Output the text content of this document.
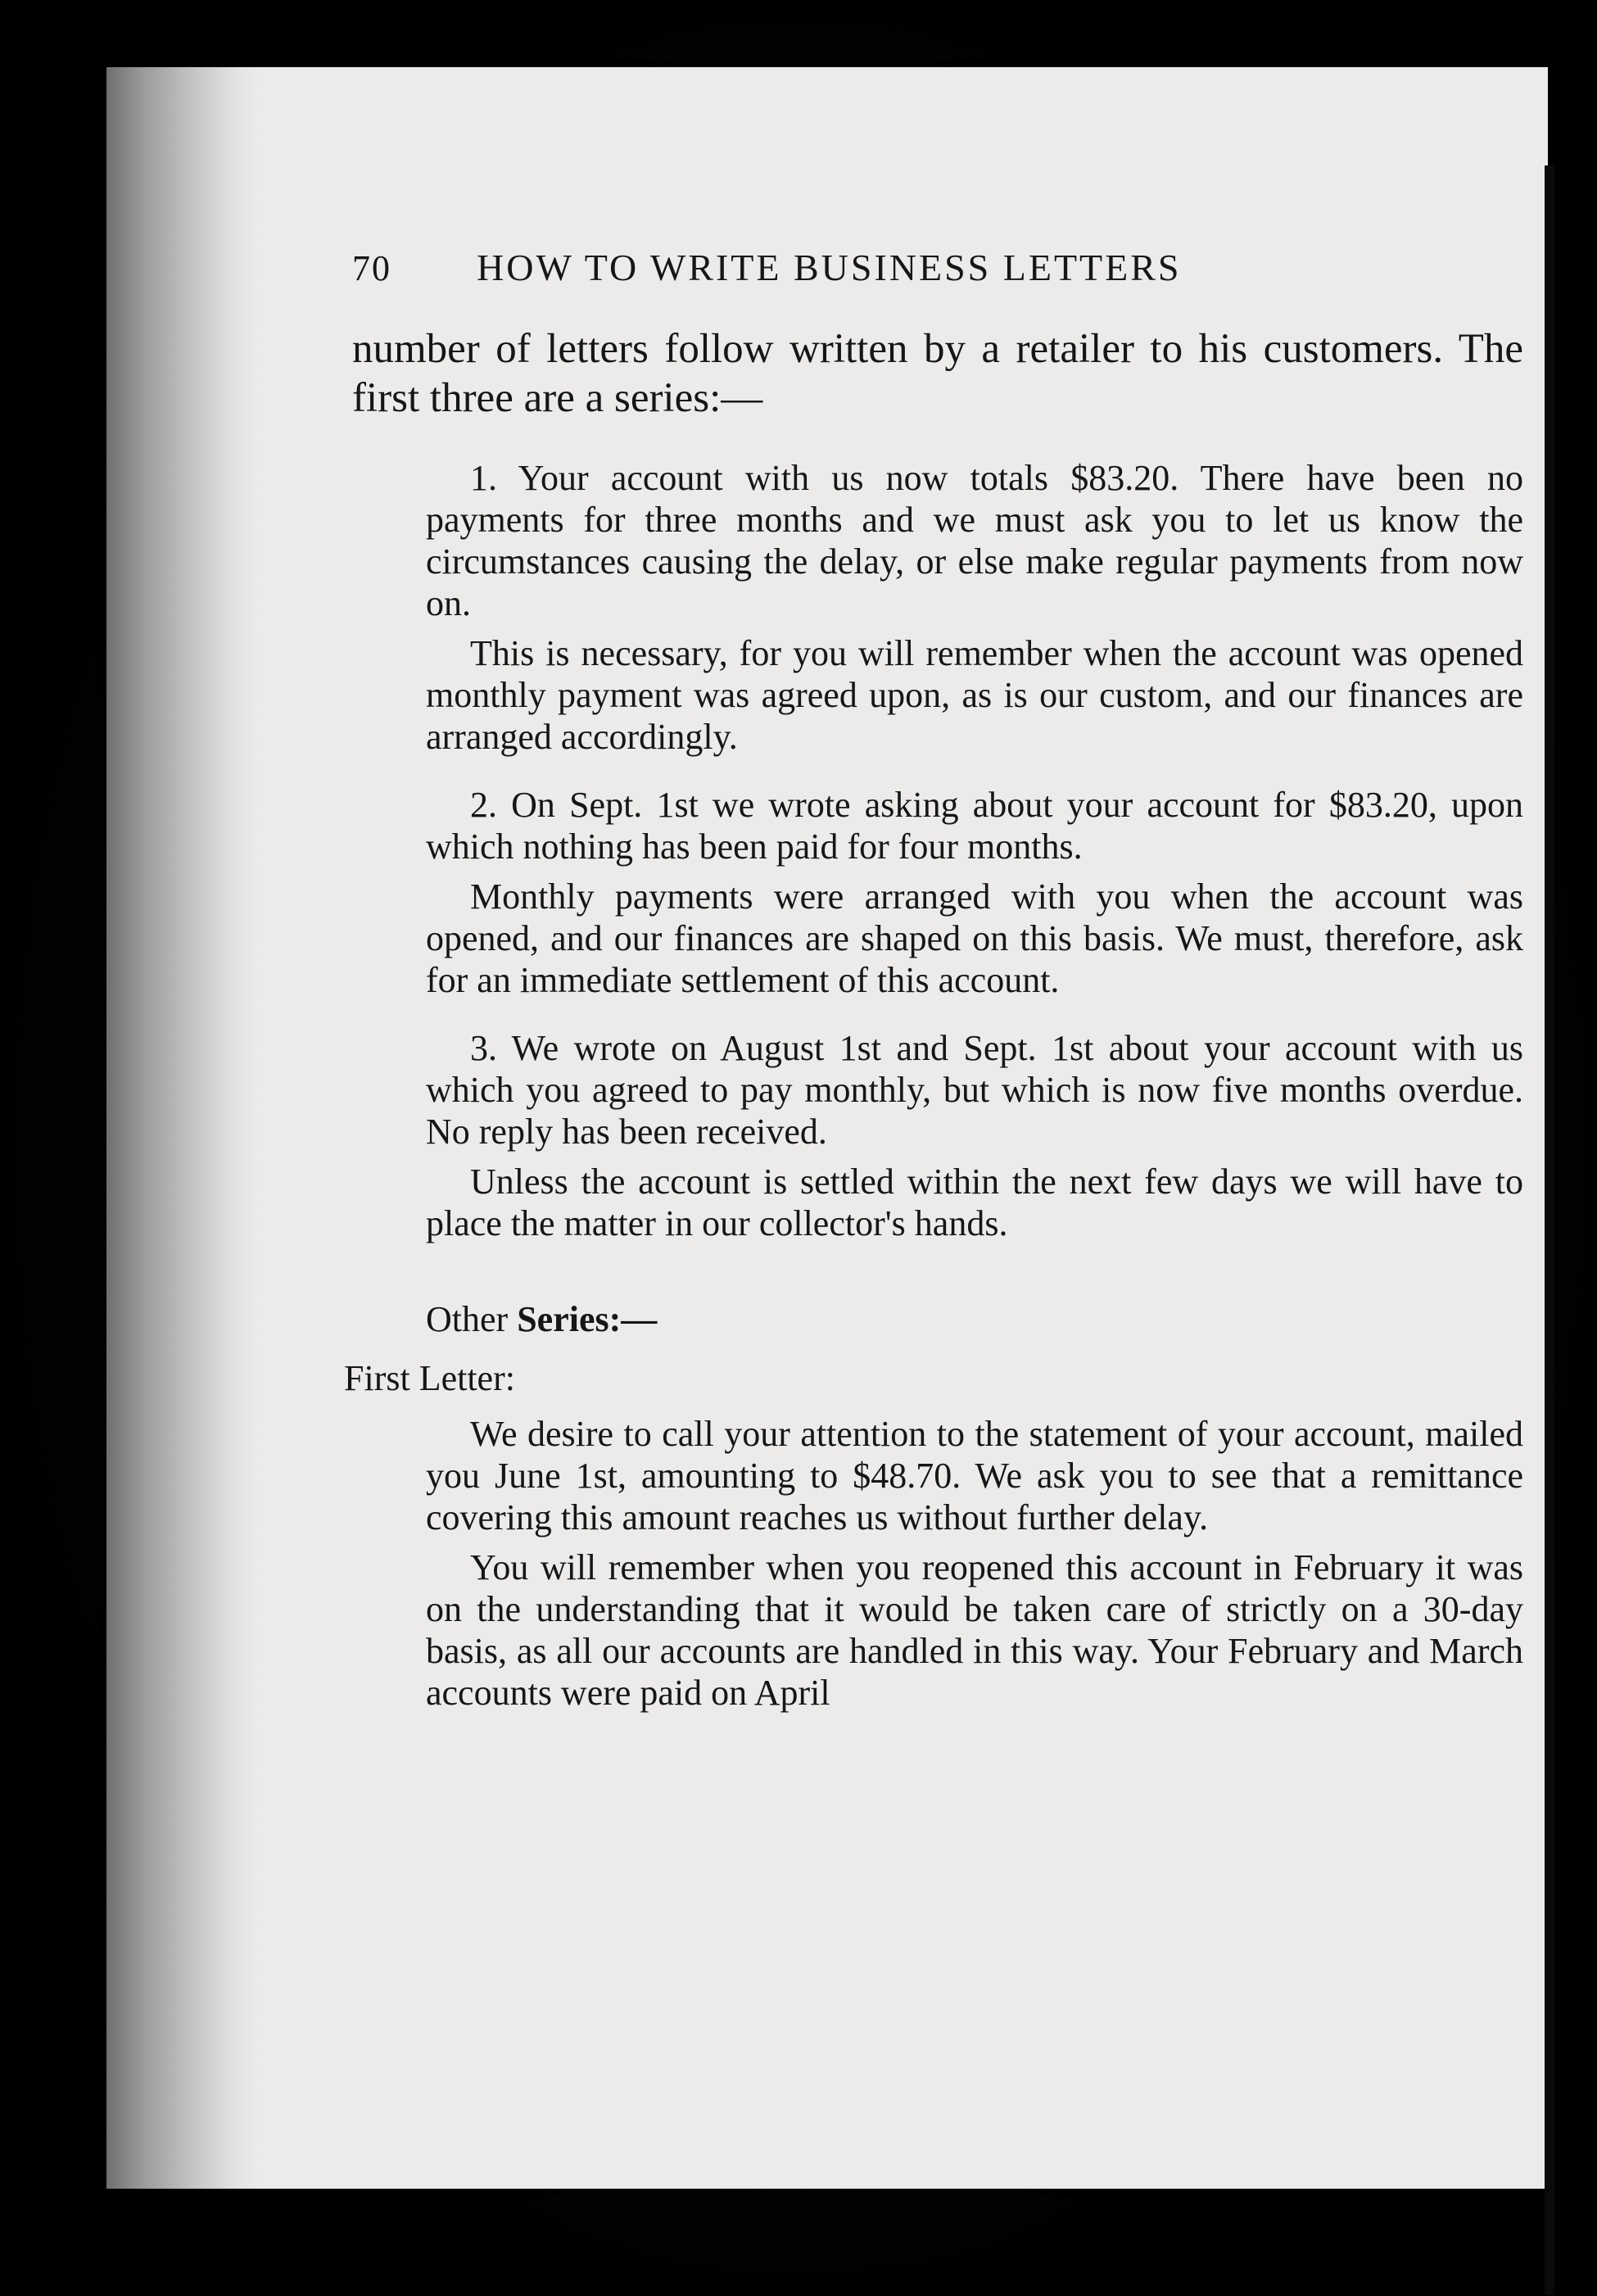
70	HOW TO WRITE BUSINESS LETTERS

number of letters follow written by a retailer to his customers. The first three are a series:—

1. Your account with us now totals $83.20. There have been no payments for three months and we must ask you to let us know the circumstances causing the delay, or else make regular payments from now on.

This is necessary, for you will remember when the account was opened monthly payment was agreed upon, as is our custom, and our finances are arranged accordingly.

2. On Sept. 1st we wrote asking about your account for $83.20, upon which nothing has been paid for four months.

Monthly payments were arranged with you when the account was opened, and our finances are shaped on this basis. We must, therefore, ask for an immediate settlement of this account.

3. We wrote on August 1st and Sept. 1st about your account with us which you agreed to pay monthly, but which is now five months overdue. No reply has been received.

Unless the account is settled within the next few days we will have to place the matter in our collector's hands.

Other Series:—
First Letter:

We desire to call your attention to the statement of your account, mailed you June 1st, amounting to $48.70. We ask you to see that a remittance covering this amount reaches us without further delay.

You will remember when you reopened this account in February it was on the understanding that it would be taken care of strictly on a 30-day basis, as all our accounts are handled in this way. Your February and March accounts were paid on April
